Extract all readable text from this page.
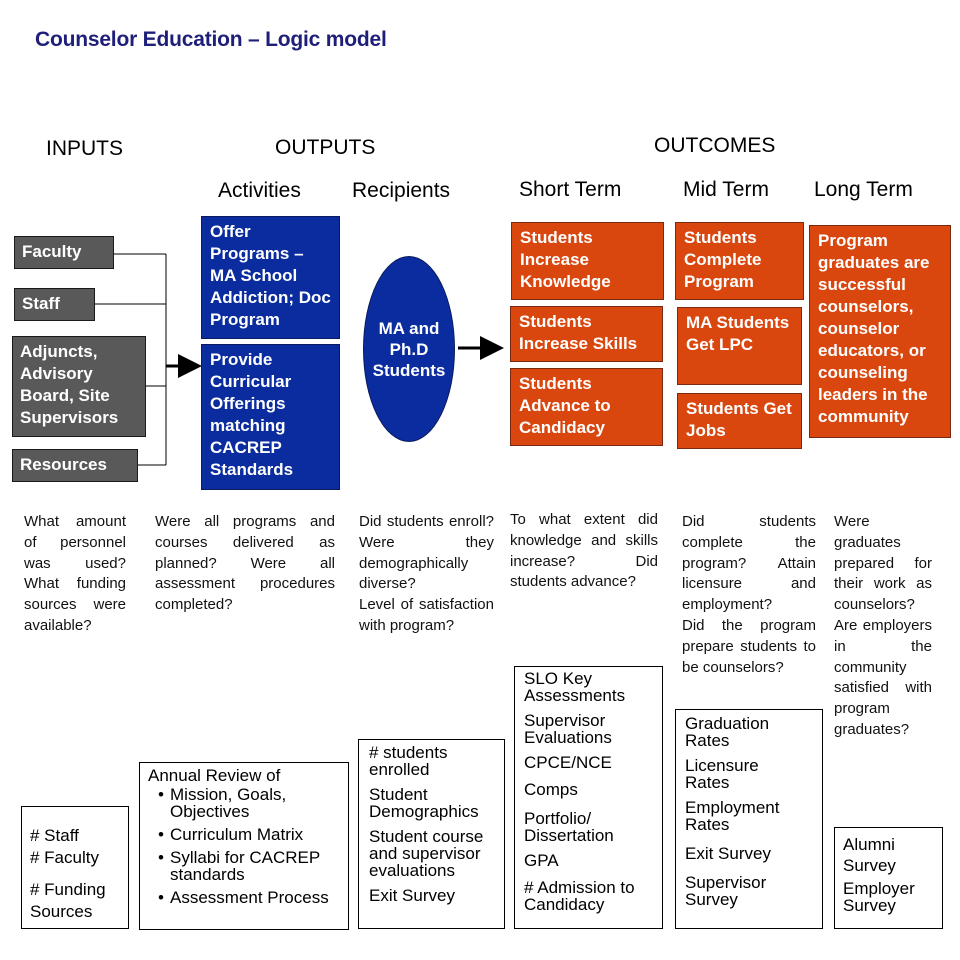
Counselor Education – Logic model
INPUTS	OUTPUTS	OUTCOMES
Activities Recipients	Short Term	Mid Term Long Term
Faculty
Staff
Adjuncts, Advisory Board, Site Supervisors
Resources
Offer Programs – MA School Addiction; Doc Program
Provide Curricular Offerings matching CACREP Standards
MA and Ph.D Students
Students Increase Knowledge
Students Increase Skills
Students Advance to Candidacy
Students Complete Program
MA Students Get LPC
Students Get Jobs
Program graduates are successful counselors, counselor educators, or counseling leaders in the community

What amount of personnel was used? What funding sources were available?

Were all programs and courses delivered as planned? Were all assessment procedures completed?

Did students enroll? Were they demographically diverse?

Level of satisfaction with program?

To what extent did knowledge and skills increase? Did students advance?

Did students complete the program? Attain licensure and employment?

Did the program prepare students to be counselors?

Were graduates prepared for their work as counselors?

Are employers in the community satisfied with program graduates?

# Staff
# Faculty
# Funding Sources
Annual Review of
• Mission, Goals, Objectives
• Curriculum Matrix
• Syllabi for CACREP standards
• Assessment Process
# students enrolled
Student Demographics
Student course and supervisor evaluations
Exit Survey
SLO Key Assessments
Supervisor Evaluations
CPCE/NCE
Comps
Portfolio/ Dissertation
GPA
# Admission to Candidacy
Graduation Rates
Licensure Rates
Employment Rates
Exit Survey
Supervisor Survey
Alumni Survey
Employer Survey
